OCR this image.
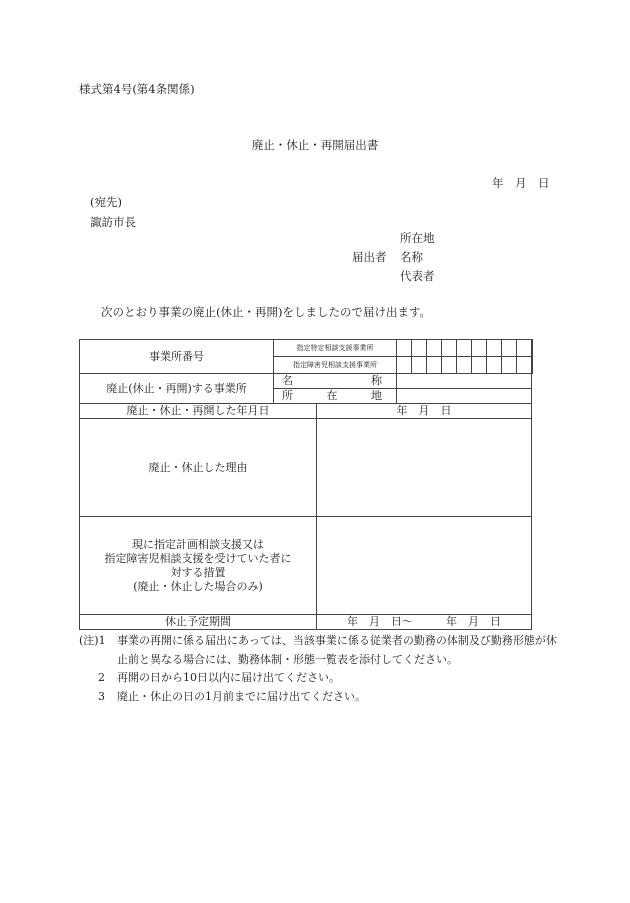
様式第4号(第4条関係)
廃止・休止・再開届出書
年　月　日
(宛先)
諏訪市長
所在地
届出者 名称
代表者
次のとおり事業の廃止(休止・再開)をしましたので届け出ます。
事業所番号	指定特定相談支援事業所											
	指定障害児相談支援事業所											
廃止(休止・再開)する事業所	名 称											

	所 在 地											

廃止・休止・再開した年月日		年　月　日										
廃止・休止した理由												

現に指定計画相談支援又は
指定障害児相談支援を受けていた者に
対する措置
(廃止・休止した場合のみ)												

休止予定期間		年　月　日～　　　年　月　日										
(注)1	事業の再開に係る届出にあっては、当該事業に係る従業者の勤務の体制及び勤務形態が休止前と異なる場合には、勤務体制・形態一覧表を添付してください。
2	再開の日から10日以内に届け出てください。
3	廃止・休止の日の1月前までに届け出てください。
